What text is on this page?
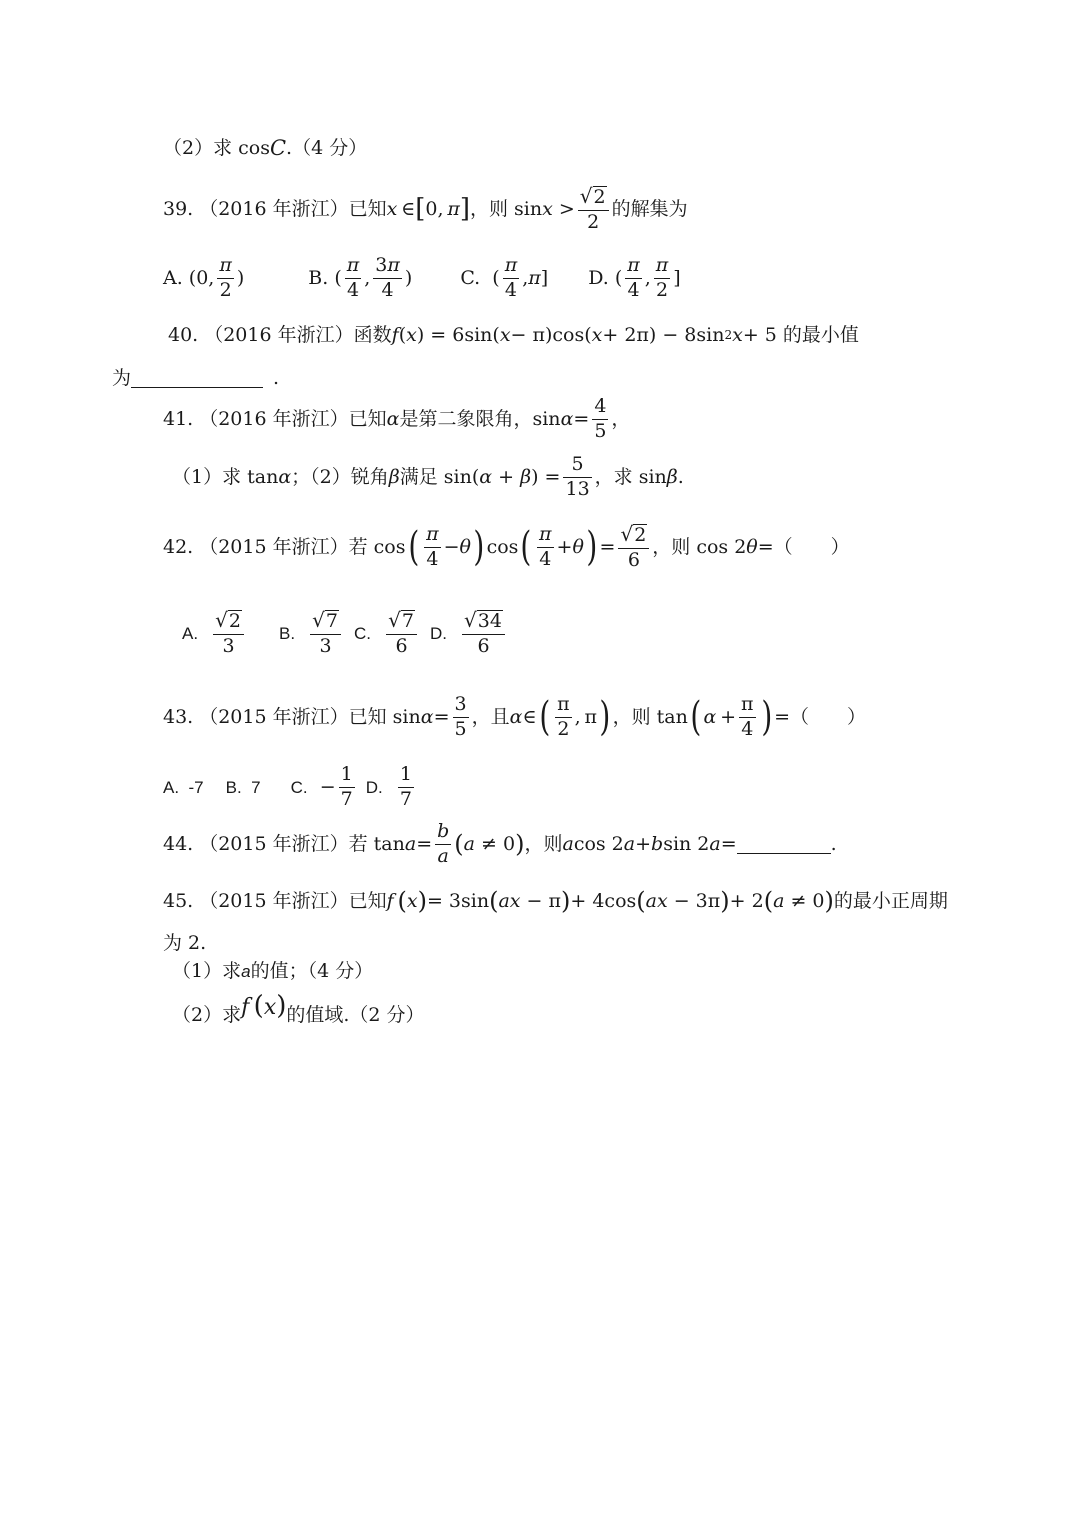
（2）求 cos C .（4 分）
39. （2016 年浙江） 已知 x  ∈ [ 0,  π ] ，则 $\sin x > \frac{√ 2}{2}$ 的解集为
A. (0, $\frac{\pi}{2}$ )	B. ( $\frac{\pi}{4}$ , $\frac{3\pi}{4}$ )	C. ( $\frac{\pi}{4}$ , π ] D. ( $\frac{\pi}{4}$ , $\frac{\pi}{2}$ ]
40. （2016 年浙江） 函数 f ( x ) = 6sin( x − π)cos( x + 2π) − 8sin 2 x + 5 的最小值
为	.
41. （2016 年浙江） 已知 α 是第二象限角，$\sin \alpha = \frac{4}{5}$ ，
（1）求 tan α ；（2）锐角 β 满足 sin( α + β ) = $\frac{5}{13}$ ，求 sin β .
42. （2015 年浙江） 若 cos ( $\frac{\pi}{4} - \theta$ ) cos ( $\frac{\pi}{4} + \theta$ ) = $\frac{√ 2}{6}$ ，则 cos 2 θ =（　　）
A.
$\frac{√ 2}{3} B$.
$\frac{√ 7}{3} C$.
$\frac{√ 7}{6} D$.
$\frac{√ 34}{6}$
43. （2015 年浙江） 已知 $\sin \alpha = \frac{3}{5}$ ，且 α ∈ ( $\frac{\pi}{2}$ , π ) ，则 tan ( $\alpha + \frac{\pi}{4}$ ) =（　　）
A.
-7 B.
7 C. − $\frac{1}{7} D$.
$\frac{1}{7}$
44. （2015 年浙江） 若 $\tan a = \frac{b}{a}$ ( a ≠ 0 ) ，则 a cos 2 a + b sin 2 a =	.
45. （2015 年浙江） 已知 f
  ( x ) = 3sin ( ax − π ) + 4cos ( ax − 3π ) + 2 ( a ≠ 0 ) 的最小正周期
为 2.
（1）求 a 的值；（4 分）
（2）求 f  (x) 的值域.（2 分）
